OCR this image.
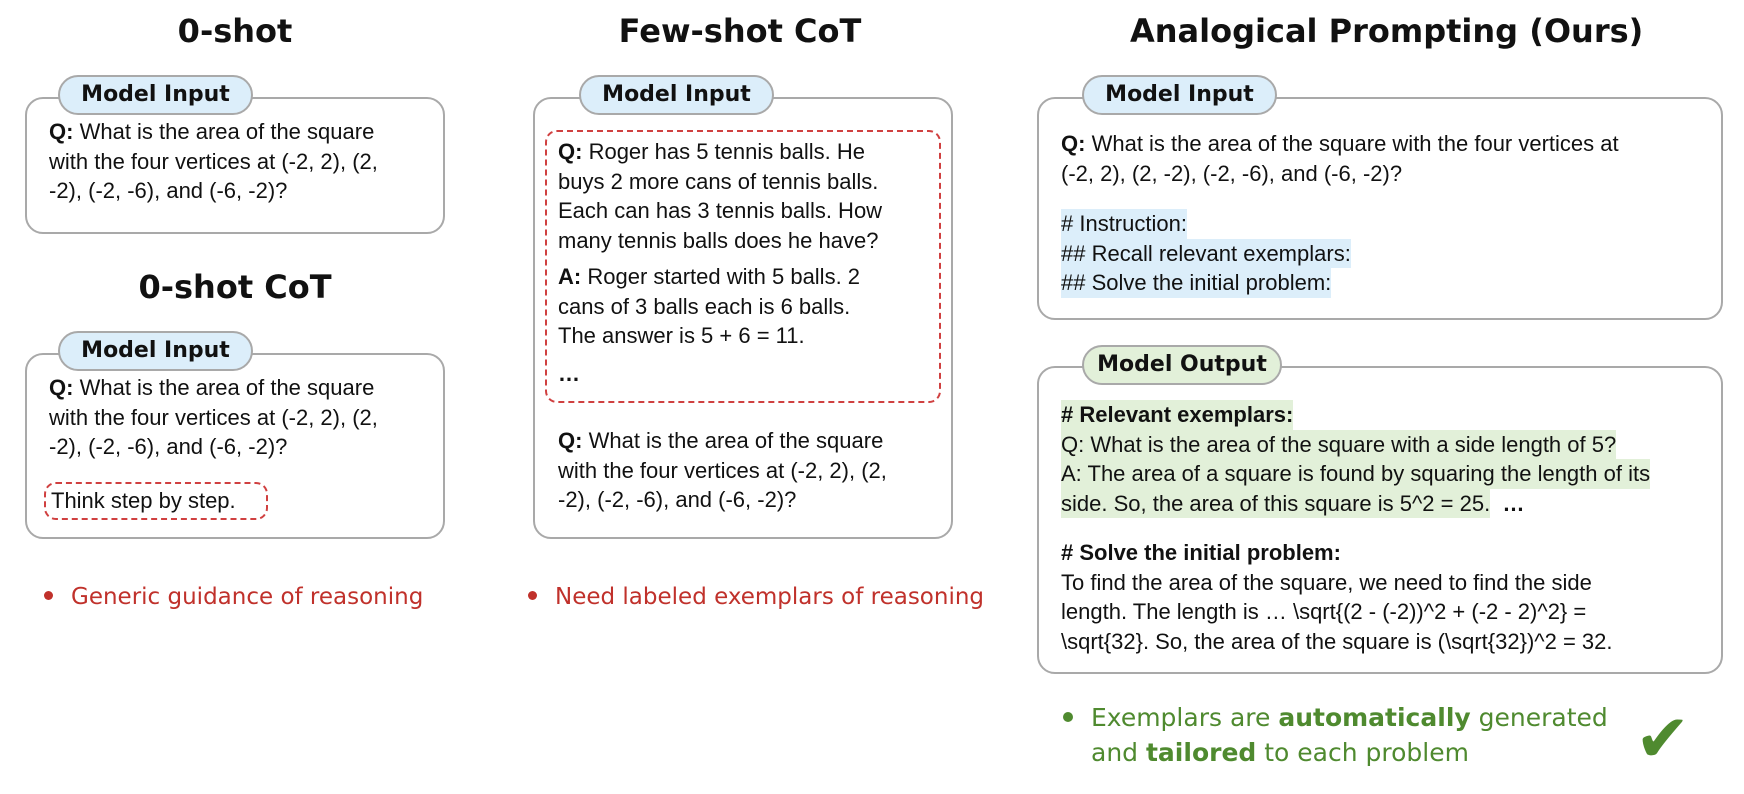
0-shot
Q: What is the area of the square
with the four vertices at (-2, 2), (2,
-2), (-2, -6), and (-6, -2)?
Model Input
0-shot CoT
Q: What is the area of the square
with the four vertices at (-2, 2), (2,
-2), (-2, -6), and (-6, -2)?
Think step by step.
Model Input
Generic guidance of reasoning
Few-shot CoT
Q: Roger has 5 tennis balls. He
buys 2 more cans of tennis balls.
Each can has 3 tennis balls. How
many tennis balls does he have?
A: Roger started with 5 balls. 2
cans of 3 balls each is 6 balls.
The answer is 5 + 6 = 11.
…
Q: What is the area of the square
with the four vertices at (-2, 2), (2,
-2), (-2, -6), and (-6, -2)?
Model Input
Need labeled exemplars of reasoning
Analogical Prompting (Ours)
Q: What is the area of the square with the four vertices at
(-2, 2), (2, -2), (-2, -6), and (-6, -2)?
# Instruction:
## Recall relevant exemplars:
## Solve the initial problem:
Model Input
# Relevant exemplars:
Q: What is the area of the square with a side length of 5?
A: The area of a square is found by squaring the length of its
side. So, the area of this square is 5^2 = 25. …
# Solve the initial problem:
To find the area of the square, we need to find the side
length. The length is … \sqrt{(2 - (-2))^2 + (-2 - 2)^2} =
\sqrt{32}. So, the area of the square is (\sqrt{32})^2 = 32.
Model Output
Exemplars are automatically generated
and tailored to each problem	✔
